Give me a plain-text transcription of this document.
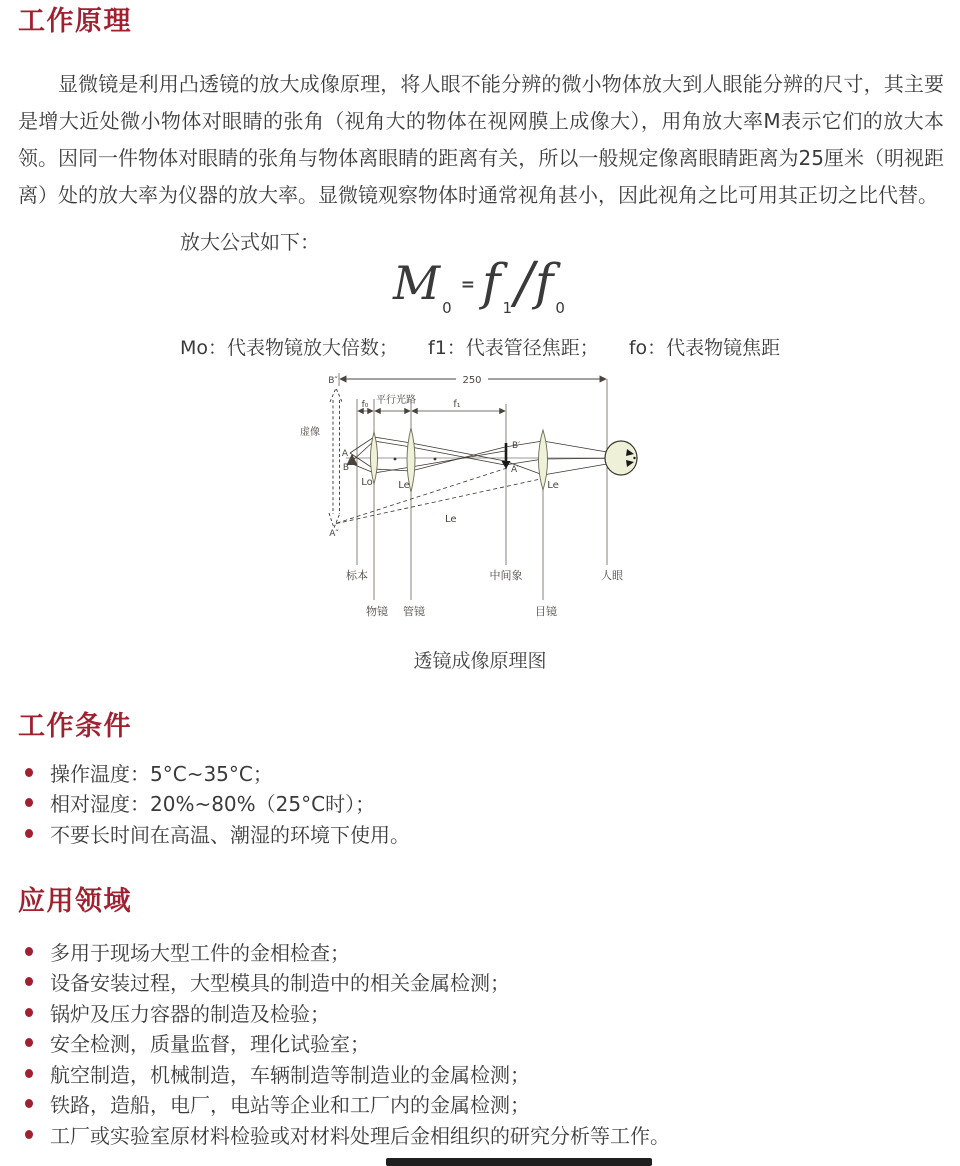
工作原理
显微镜是利用凸透镜的放大成像原理，将人眼不能分辨的微小物体放大到人眼能分辨的尺寸，其主要是增大近处微小物体对眼睛的张角（视角大的物体在视网膜上成像大），用角放大率M表示它们的放大本领。因同一件物体对眼睛的张角与物体离眼睛的距离有关，所以一般规定像离眼睛距离为25厘米（明视距离）处的放大率为仪器的放大率。显微镜观察物体时通常视角甚小，因此视角之比可用其正切之比代替。
放大公式如下：
M 0= f 1/f 0
Mo：代表物镜放大倍数； f1：代表管径焦距； fo：代表物镜焦距
250
f₀ 平行光路	f₁
B″
A″
虚像
Le
A
B
Lo	Le	Le
B′
A′
标本	中间象	人眼
物镜 管镜	目镜
透镜成像原理图
工作条件
操作温度：5°C~35°C；
相对湿度：20%~80%（25°C时）；
不要长时间在高温、潮湿的环境下使用。
应用领域
多用于现场大型工件的金相检查；
设备安装过程，大型模具的制造中的相关金属检测；
锅炉及压力容器的制造及检验；
安全检测，质量监督，理化试验室；
航空制造，机械制造，车辆制造等制造业的金属检测；
铁路，造船，电厂，电站等企业和工厂内的金属检测；
工厂或实验室原材料检验或对材料处理后金相组织的研究分析等工作。
